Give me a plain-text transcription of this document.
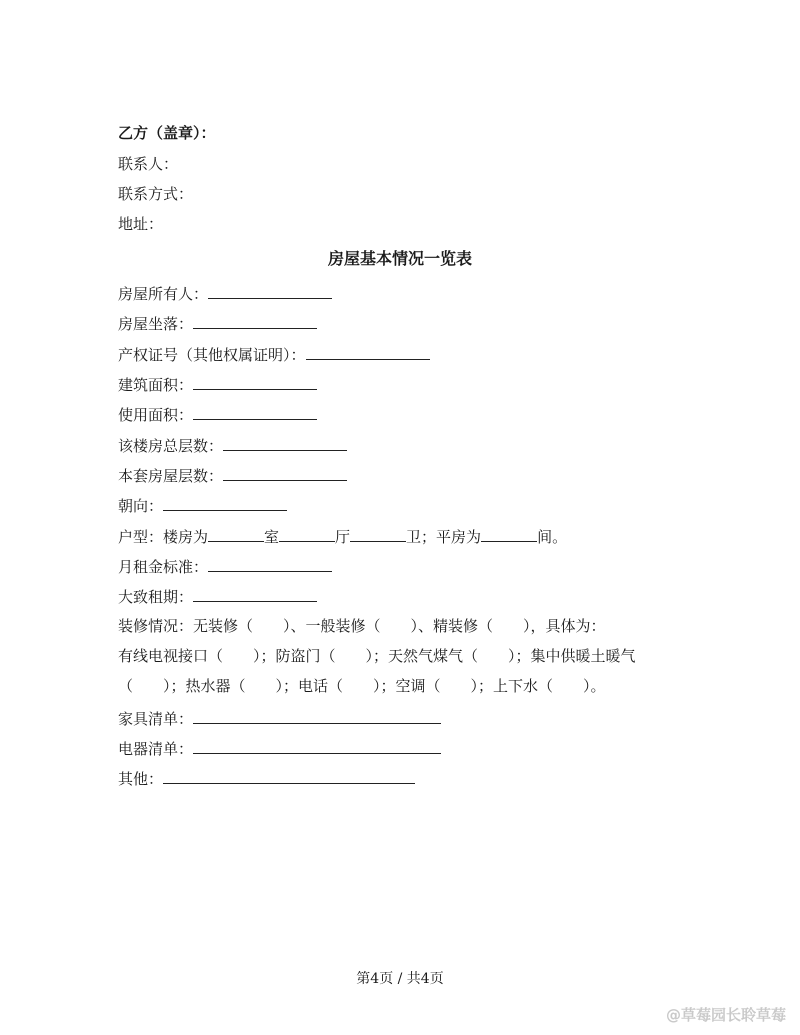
乙方（盖章）：
联系人：
联系方式：
地址：
房屋基本情况一览表
房屋所有人：
房屋坐落：
产权证号（其他权属证明）：
建筑面积：
使用面积：
该楼房总层数：
本套房屋层数：
朝向：
户型：楼房为	室	厅	卫；平房为	间。
月租金标准：
大致租期：
装修情况：无装修（　　）、一般装修（　　）、精装修（　　），具体为：
有线电视接口（　　）；防盗门（　　）；天然气煤气（　　）；集中供暖土暖气
（　　）；热水器（　　）；电话（　　）；空调（　　）；上下水（　　）。
家具清单：
电器清单：
其他：
第4页 / 共4页
@草莓园长聆草莓
